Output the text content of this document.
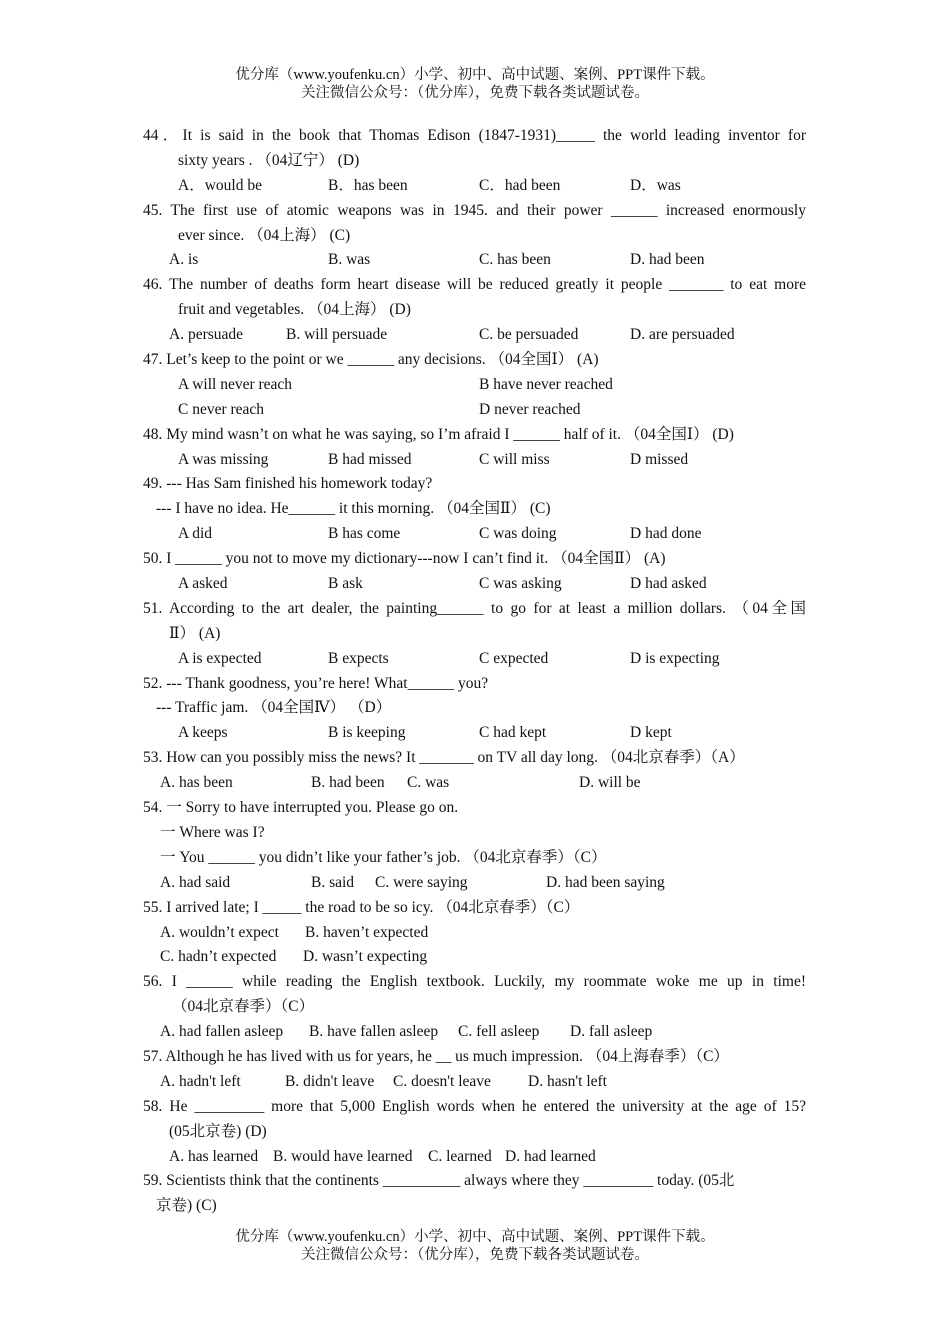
优分库（www.youfenku.cn）小学、初中、高中试题、案例、PPT课件下载。
关注微信公众号：（优分库），免费下载各类试题试卷。
44．It is said in the book that Thomas Edison (1847-1931)_____ the world leading inventor for
sixty years . （04辽宁） (D)
A．would be	B．has been	C．had been	D．was
45. The first use of atomic weapons was in 1945. and their power ______ increased enormously
ever since. （04上海） (C)
A. is	B. was	C. has been	D. had been
46. The number of deaths form heart disease will be reduced greatly it people _______ to eat more
fruit and vegetables. （04上海） (D)
A. persuade	B. will persuade	C. be persuaded	D. are persuaded
47. Let’s keep to the point or we ______ any decisions. （04全国Ⅰ） (A)
A will never reach	B have never reached
C never reach	D never reached
48. My mind wasn’t on what he was saying, so I’m afraid I ______ half of it. （04全国Ⅰ） (D)
A was missing	B had missed	C will miss	D missed
49. --- Has Sam finished his homework today?
--- I have no idea. He______ it this morning. （04全国Ⅱ） (C)
A did	B has come	C was doing	D had done
50. I ______ you not to move my dictionary---now I can’t find it. （04全国Ⅱ） (A)
A asked	B ask	C was asking	D had asked
51. According to the art dealer, the painting______ to go for at least a million dollars. （04全国
Ⅱ） (A)
A is expected	B expects	C expected	D is expecting
52. --- Thank goodness, you’re here! What______ you?
--- Traffic jam. （04全国Ⅳ） （D）
A keeps	B is keeping	C had kept	D kept
53. How can you possibly miss the news? It _______ on TV all day long. （04北京春季）（A）
A. has been	B. had been C. was	D. will be
54. 一 Sorry to have interrupted you. Please go on.
一 Where was I?
一 You ______ you didn’t like your father’s job. （04北京春季）（C）
A. had said	B. said C. were saying	D. had been saying
55. I arrived late; I _____ the road to be so icy. （04北京春季）（C）
A. wouldn’t expect B. haven’t expected
C. hadn’t expected D. wasn’t expecting
56. I ______ while reading the English textbook. Luckily, my roommate woke me up in time!
（04北京春季）（C）
A. had fallen asleep B. have fallen asleep C. fell asleep D. fall asleep
57. Although he has lived with us for years, he __ us much impression. （04上海春季）（C）
A. hadn't left	B. didn't leave C. doesn't leave D. hasn't left
58. He _________ more that 5,000 English words when he entered the university at the age of 15?
(05北京卷) (D)
A. has learned B. would have learned C. learned D. had learned
59. Scientists think that the continents __________ always where they _________ today. (05北
京卷) (C)
优分库（www.youfenku.cn）小学、初中、高中试题、案例、PPT课件下载。
关注微信公众号：（优分库），免费下载各类试题试卷。
